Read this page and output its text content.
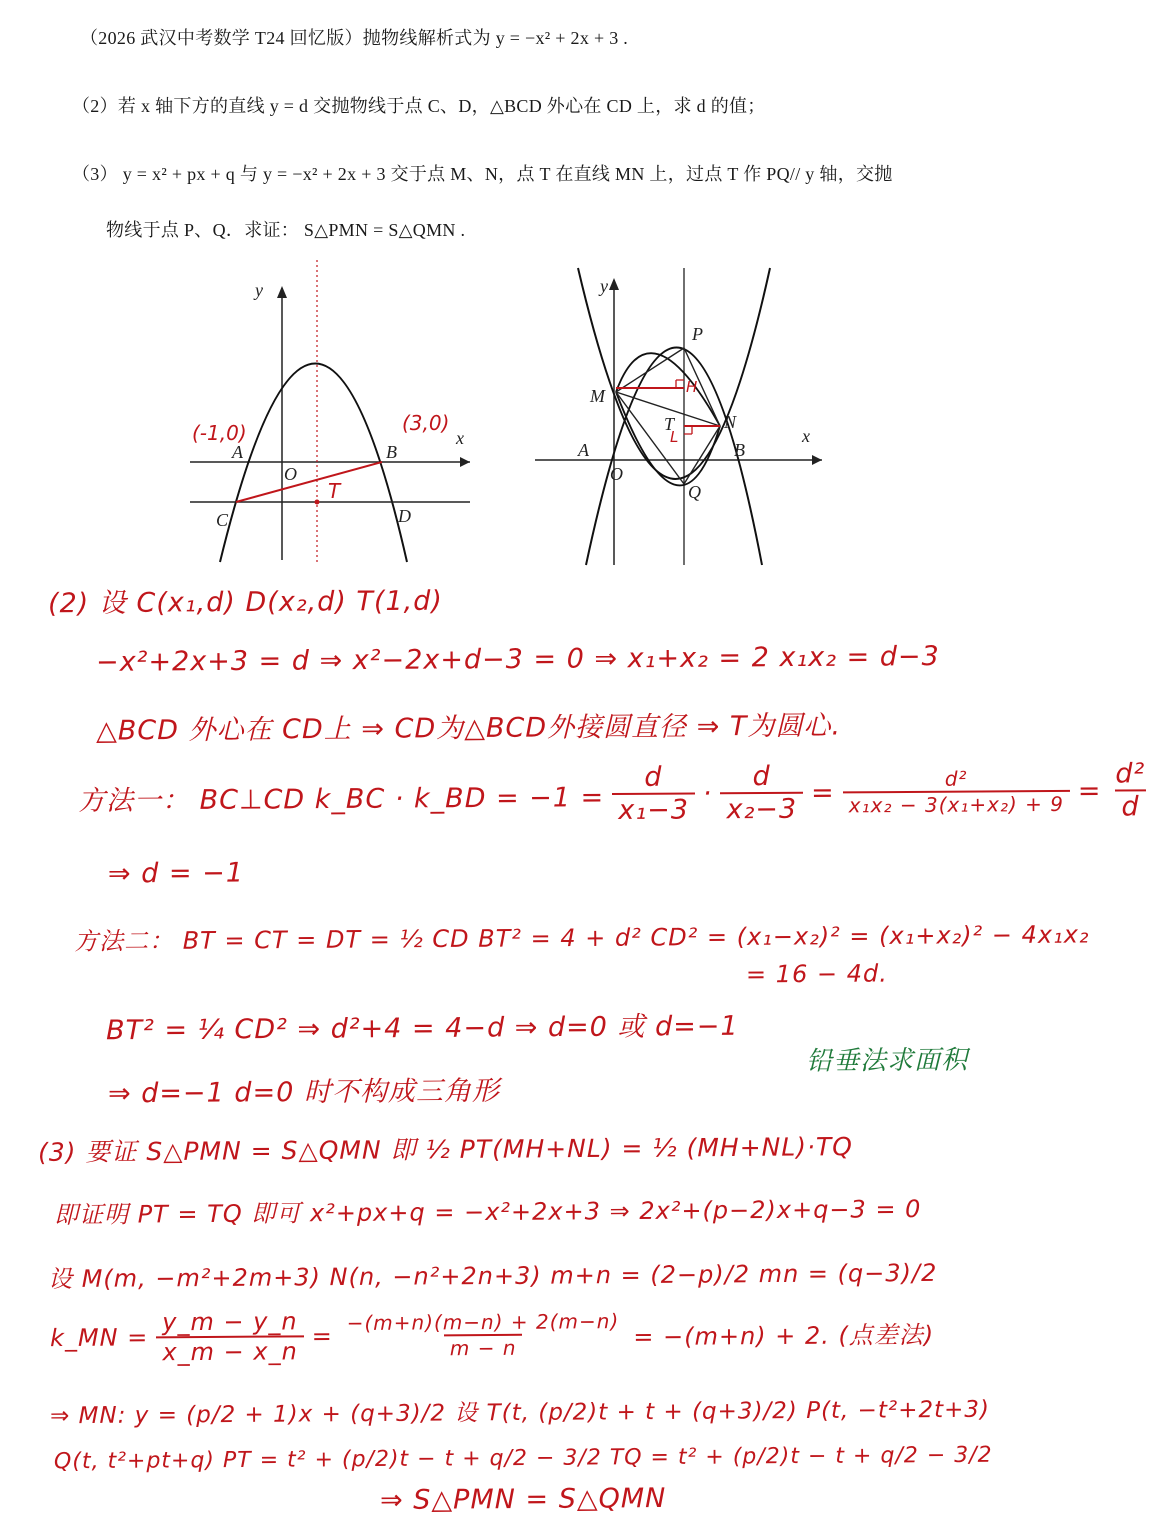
（2026 武汉中考数学 T24 回忆版）抛物线解析式为 y = −x² + 2x + 3 .
（2）若 x 轴下方的直线 y = d 交抛物线于点 C、D，△BCD 外心在 CD 上，求 d 的值；
（3） y = x² + px + q 与 y = −x² + 2x + 3 交于点 M、N，点 T 在直线 MN 上，过点 T 作 PQ// y 轴，交抛
物线于点 P、Q．求证： S△PMN = S△QMN .
y
x
A
O
B
C	D
(-1,0)	(3,0)
T
y
x
P
M
N
T
A
O
B
Q
H
L
(2) 设 C(x₁,d) D(x₂,d) T(1,d)
−x²+2x+3 = d ⇒ x²−2x+d−3 = 0 ⇒ x₁+x₂ = 2 x₁x₂ = d−3
△BCD 外心在 CD上 ⇒ CD为△BCD外接圆直径 ⇒ T为圆心.
方法一： BC⊥CD k_BC · k_BD = $-1 = \frac{d}{\text{x₁−3}} \cdot \frac{d}{\text{x₂−3}} = \frac{\text{d²}}{\text{x₁x₂ − 3(x₁+x₂) + 9}} = \frac{\text{d²}}{d}$
⇒ d = −1
方法二： BT = CT = DT = ½ CD BT² = 4 + d² CD² = (x₁−x₂)² = (x₁+x₂)² − 4x₁x₂
= 16 − 4d.
BT² = ¼ CD² ⇒ d²+4 = 4−d ⇒ d=0 或 d=−1
铅垂法求面积
⇒ d=−1 d=0 时不构成三角形
(3) 要证 S△PMN = S△QMN 即 ½ PT(MH+NL) = ½ (MH+NL)·TQ
即证明 PT = TQ 即可 x²+px+q = −x²+2x+3 ⇒ 2x²+(p−2)x+q−3 = 0
设 M(m, −m²+2m+3) N(n, −n²+2n+3) m+n = (2−p)/2 mn = (q−3)/2
k_MN = $\frac{y\_m - y\_n}{x\_m - x\_n} = \frac{-(m+n)(m-n) + 2(m-n)}{m - n} = -(m+n) + 2$. (点差法)
⇒ MN: y = (p/2 + 1)x + (q+3)/2 设 T(t, (p/2)t + t + (q+3)/2) P(t, −t²+2t+3)
Q(t, t²+pt+q) PT = t² + (p/2)t − t + q/2 − 3/2 TQ = t² + (p/2)t − t + q/2 − 3/2
⇒ S△PMN = S△QMN
